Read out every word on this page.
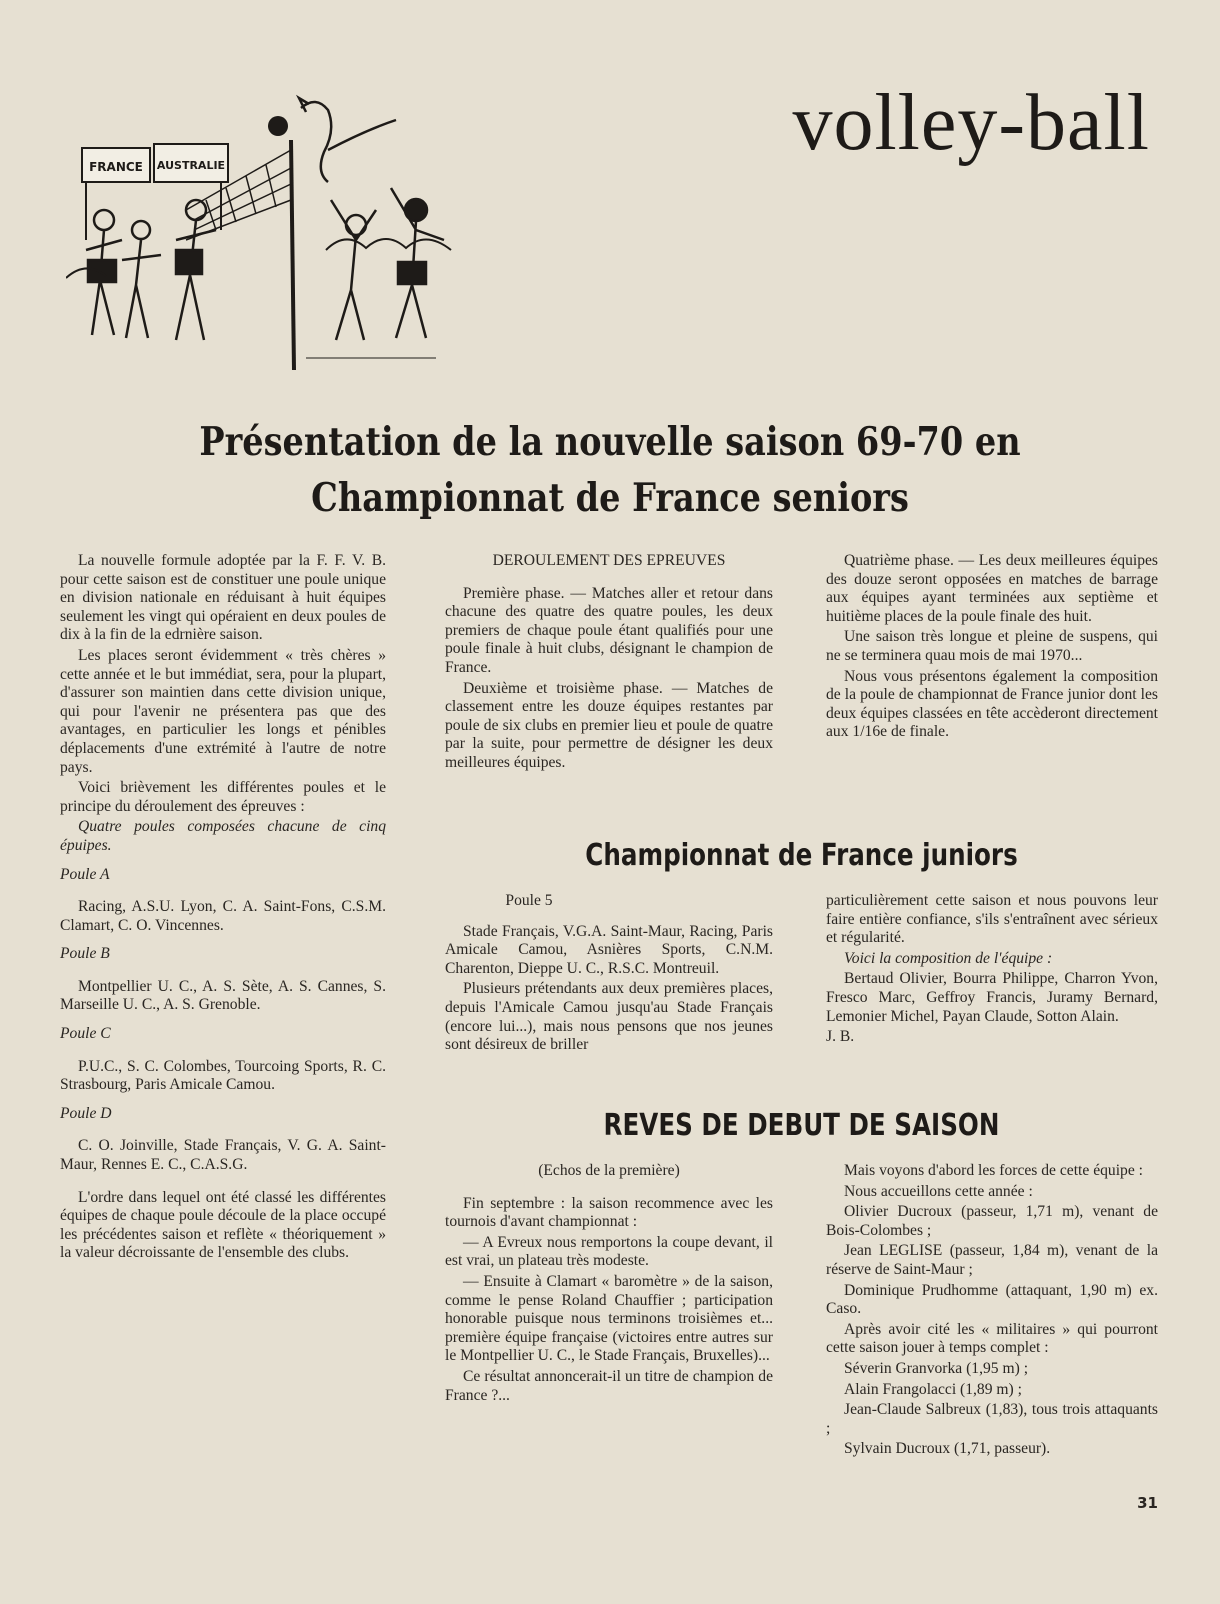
FRANCE AUSTRALIE	volley-ball
Présentation de la nouvelle saison 69-70 en Championnat de France seniors

La nouvelle formule adoptée par la F. F. V. B. pour cette saison est de constituer une poule unique en division nationale en réduisant à huit équipes seulement les vingt qui opéraient en deux poules de dix à la fin de la edrnière saison.

Les places seront évidemment « très chères » cette année et le but immédiat, sera, pour la plupart, d'assurer son maintien dans cette division unique, qui pour l'avenir ne présentera pas que des avantages, en particulier les longs et pénibles déplacements d'une extrémité à l'autre de notre pays.

Voici brièvement les différentes poules et le principe du déroulement des épreuves :

Quatre poules composées chacune de cinq épuipes.

Poule A

Racing, A.S.U. Lyon, C. A. Saint-Fons, C.S.M. Clamart, C. O. Vincennes.

Poule B

Montpellier U. C., A. S. Sète, A. S. Cannes, S. Marseille U. C., A. S. Grenoble.

Poule C

P.U.C., S. C. Colombes, Tourcoing Sports, R. C. Strasbourg, Paris Amicale Camou.

Poule D

C. O. Joinville, Stade Français, V. G. A. Saint-Maur, Rennes E. C., C.A.S.G.

L'ordre dans lequel ont été classé les différentes équipes de chaque poule découle de la place occupé les précédentes saison et reflète « théoriquement » la valeur décroissante de l'ensemble des clubs.

DEROULEMENT DES EPREUVES

Première phase. — Matches aller et retour dans chacune des quatre des quatre poules, les deux premiers de chaque poule étant qualifiés pour une poule finale à huit clubs, désignant le champion de France.

Deuxième et troisième phase. — Matches de classement entre les douze équipes restantes par poule de six clubs en premier lieu et poule de quatre par la suite, pour permettre de désigner les deux meilleures équipes.

Quatrième phase. — Les deux meilleures équipes des douze seront opposées en matches de barrage aux équipes ayant terminées aux septième et huitième places de la poule finale des huit.

Une saison très longue et pleine de suspens, qui ne se terminera quau mois de mai 1970...

Nous vous présentons également la composition de la poule de championnat de France junior dont les deux équipes classées en tête accèderont directement aux 1/16e de finale.

Championnat de France juniors

Poule 5

Stade Français, V.G.A. Saint-Maur, Racing, Paris Amicale Camou, Asnières Sports, C.N.M. Charenton, Dieppe U. C., R.S.C. Montreuil.

Plusieurs prétendants aux deux premières places, depuis l'Amicale Camou jusqu'au Stade Français (encore lui...), mais nous pensons que nos jeunes sont désireux de briller

particulièrement cette saison et nous pouvons leur faire entière confiance, s'ils s'entraînent avec sérieux et régularité.

Voici la composition de l'équipe :

Bertaud Olivier, Bourra Philippe, Charron Yvon, Fresco Marc, Geffroy Francis, Juramy Bernard, Lemonier Michel, Payan Claude, Sotton Alain.

J. B.

REVES DE DEBUT DE SAISON

(Echos de la première)

Fin septembre : la saison recommence avec les tournois d'avant championnat :

— A Evreux nous remportons la coupe devant, il est vrai, un plateau très modeste.

— Ensuite à Clamart « baromètre » de la saison, comme le pense Roland Chauffier ; participation honorable puisque nous terminons troisièmes et... première équipe française (victoires entre autres sur le Montpellier U. C., le Stade Français, Bruxelles)...

Ce résultat annoncerait-il un titre de champion de France ?...

Mais voyons d'abord les forces de cette équipe :

Nous accueillons cette année :

Olivier Ducroux (passeur, 1,71 m), venant de Bois-Colombes ;

Jean LEGLISE (passeur, 1,84 m), venant de la réserve de Saint-Maur ;

Dominique Prudhomme (attaquant, 1,90 m) ex. Caso.

Après avoir cité les « militaires » qui pourront cette saison jouer à temps complet :

Séverin Granvorka (1,95 m) ;

Alain Frangolacci (1,89 m) ;

Jean-Claude Salbreux (1,83), tous trois attaquants ;

Sylvain Ducroux (1,71, passeur).

31
